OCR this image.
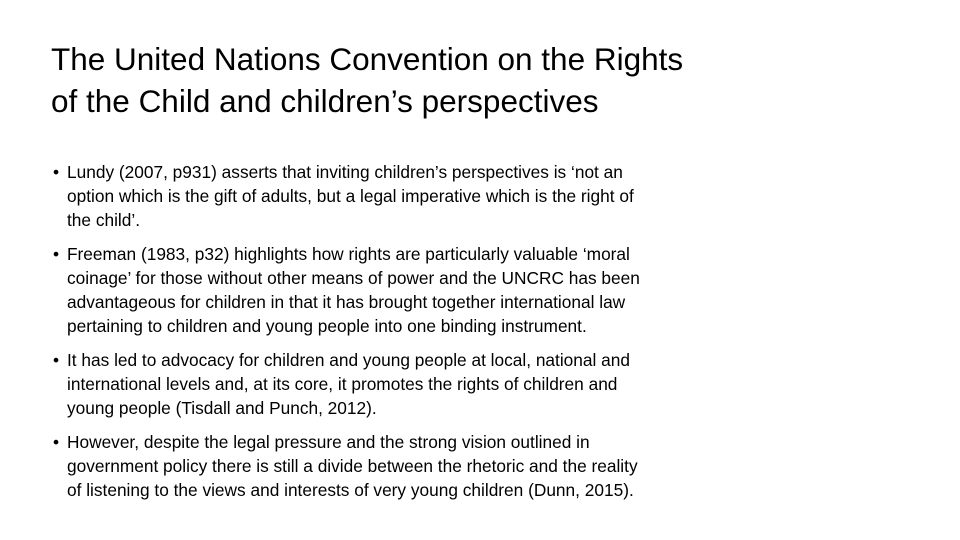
The United Nations Convention on the Rights
of the Child and children’s perspectives
• Lundy (2007, p931) asserts that inviting children’s perspectives is ‘not an
option which is the gift of adults, but a legal imperative which is the right of
the child’.
• Freeman (1983, p32) highlights how rights are particularly valuable ‘moral
coinage’ for those without other means of power and the UNCRC has been
advantageous for children in that it has brought together international law
pertaining to children and young people into one binding instrument.
• It has led to advocacy for children and young people at local, national and
international levels and, at its core, it promotes the rights of children and
young people (Tisdall and Punch, 2012).
• However, despite the legal pressure and the strong vision outlined in
government policy there is still a divide between the rhetoric and the reality
of listening to the views and interests of very young children (Dunn, 2015).
